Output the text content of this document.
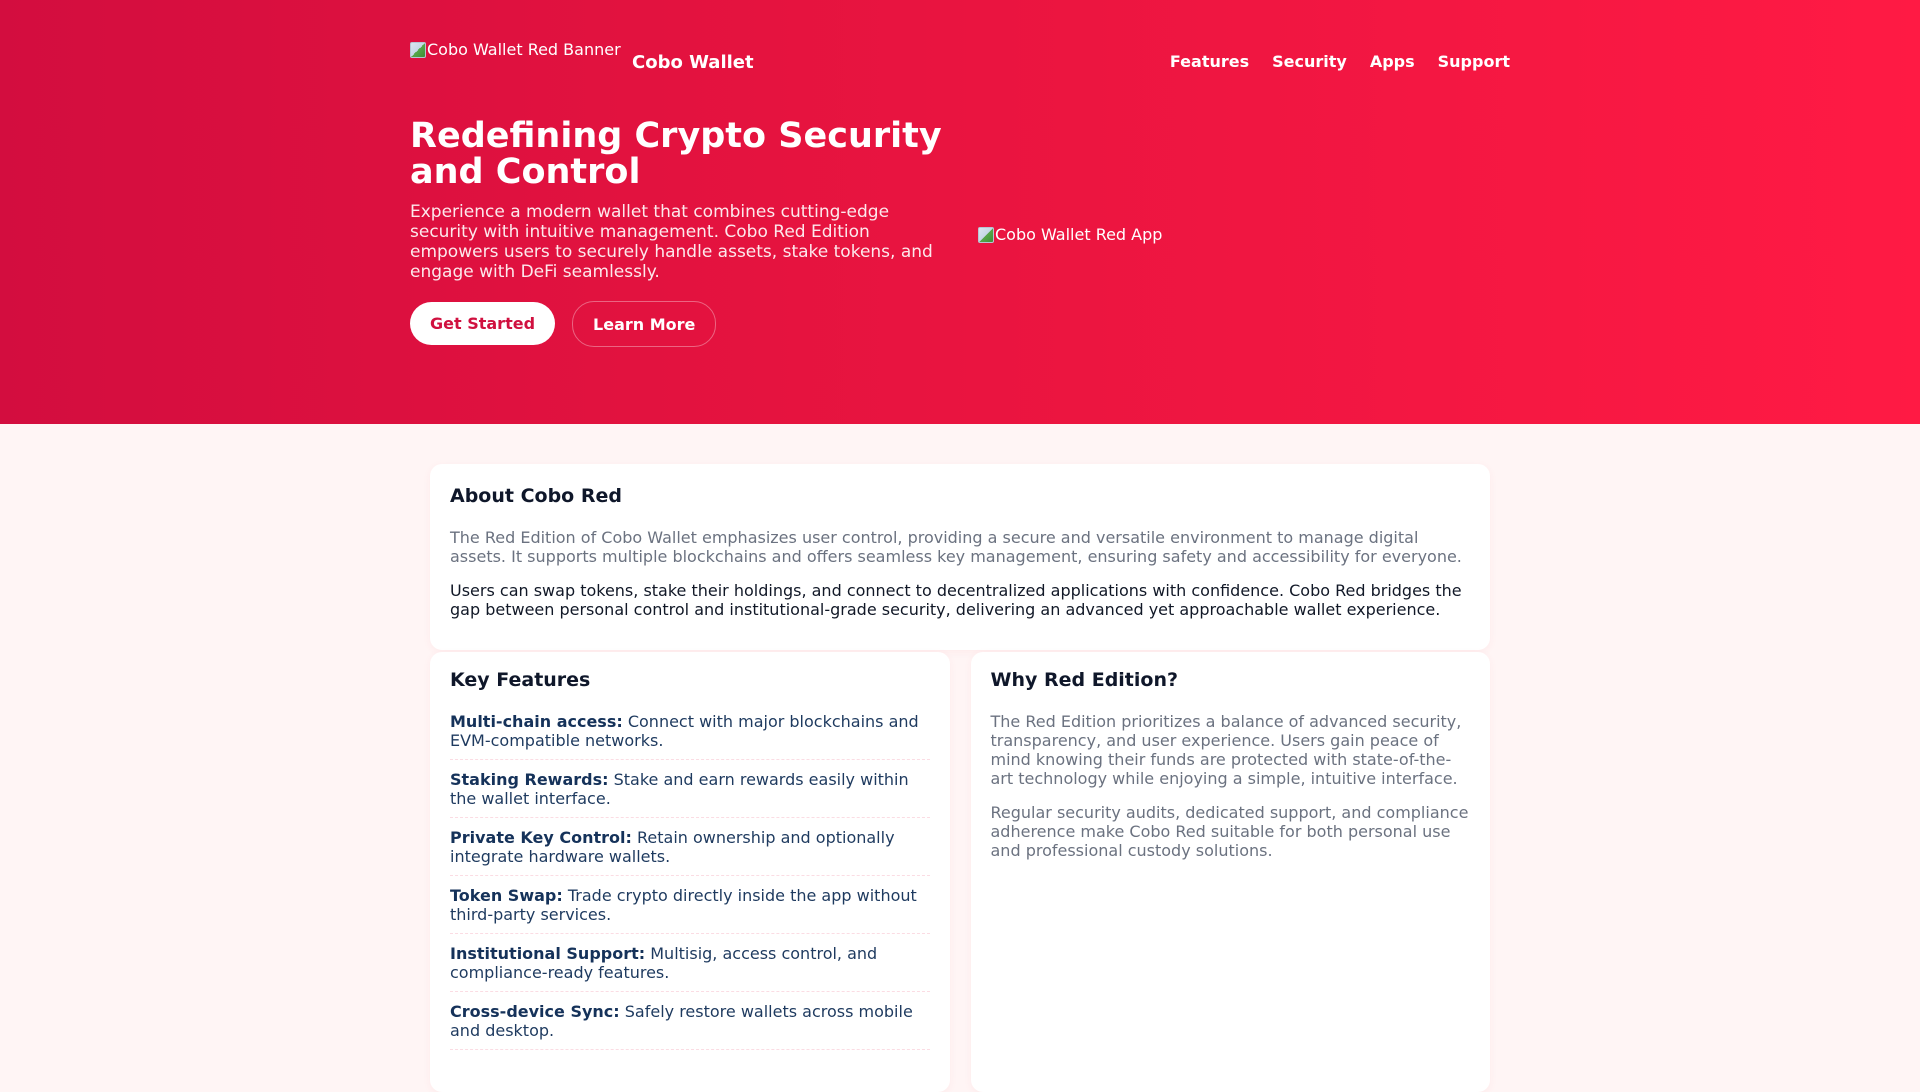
Cobo Wallet Red Banner
Cobo Wallet	Features Security Apps Support
Redefining Crypto Security and Control

Experience a modern wallet that combines cutting-edge security with intuitive management. Cobo Red Edition empowers users to securely handle assets, stake tokens, and engage with DeFi seamlessly.

Get Started	Learn More
Cobo Wallet Red App
About Cobo Red

The Red Edition of Cobo Wallet emphasizes user control, providing a secure and versatile environment to manage digital assets. It supports multiple blockchains and offers seamless key management, ensuring safety and accessibility for everyone.

Users can swap tokens, stake their holdings, and connect to decentralized applications with confidence. Cobo Red bridges the gap between personal control and institutional-grade security, delivering an advanced yet approachable wallet experience.

Key Features
Multi-chain access: Connect with major blockchains and EVM-compatible networks.
Staking Rewards: Stake and earn rewards easily within the wallet interface.
Private Key Control: Retain ownership and optionally integrate hardware wallets.
Token Swap: Trade crypto directly inside the app without third-party services.
Institutional Support: Multisig, access control, and compliance-ready features.
Cross-device Sync: Safely restore wallets across mobile and desktop.
Why Red Edition?

The Red Edition prioritizes a balance of advanced security, transparency, and user experience. Users gain peace of mind knowing their funds are protected with state-of-the-art technology while enjoying a simple, intuitive interface.

Regular security audits, dedicated support, and compliance adherence make Cobo Red suitable for both personal use and professional custody solutions.
